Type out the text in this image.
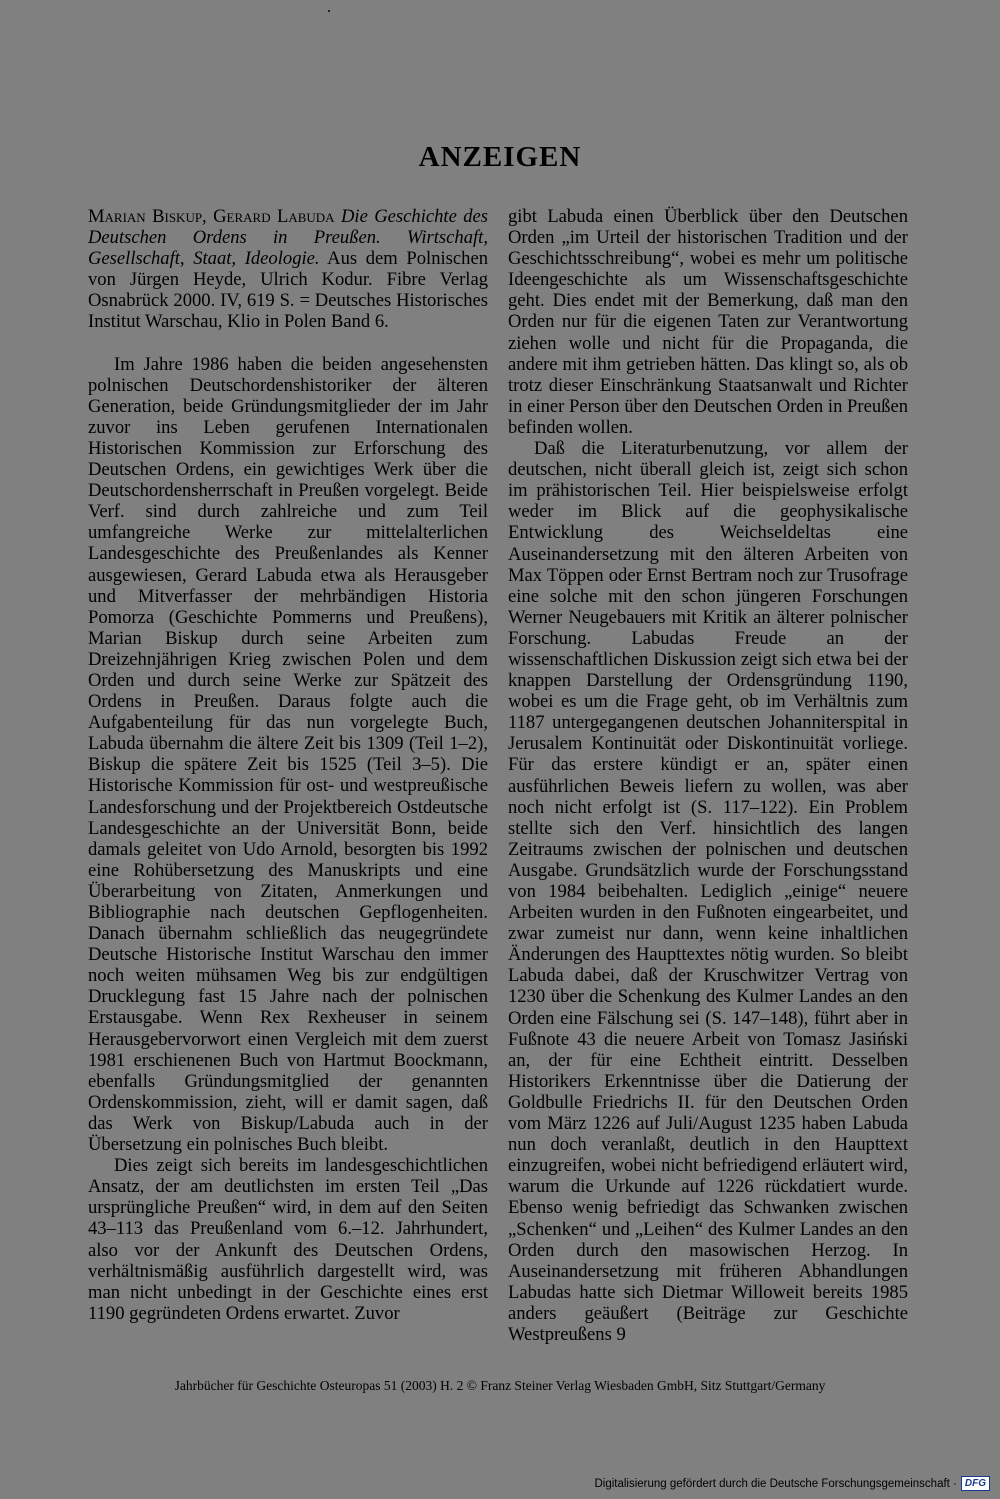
ANZEIGEN

Marian Biskup, Gerard Labuda Die Geschichte des Deutschen Ordens in Preußen. Wirtschaft, Gesellschaft, Staat, Ideologie. Aus dem Polnischen von Jürgen Heyde, Ulrich Kodur. Fibre Verlag Osnabrück 2000. IV, 619 S. = Deutsches Historisches Institut Warschau, Klio in Polen Band 6.

Im Jahre 1986 haben die beiden angesehensten polnischen Deutschordenshistoriker der älteren Generation, beide Gründungsmitglieder der im Jahr zuvor ins Leben gerufenen Internationalen Historischen Kommission zur Erforschung des Deutschen Ordens, ein gewichtiges Werk über die Deutschordensherrschaft in Preußen vorgelegt. Beide Verf. sind durch zahlreiche und zum Teil umfangreiche Werke zur mittelalterlichen Landesgeschichte des Preußenlandes als Kenner ausgewiesen, Gerard Labuda etwa als Herausgeber und Mitverfasser der mehrbändigen Historia Pomorza (Geschichte Pommerns und Preußens), Marian Biskup durch seine Arbeiten zum Dreizehnjährigen Krieg zwischen Polen und dem Orden und durch seine Werke zur Spätzeit des Ordens in Preußen. Daraus folgte auch die Aufgabenteilung für das nun vorgelegte Buch, Labuda übernahm die ältere Zeit bis 1309 (Teil 1–2), Biskup die spätere Zeit bis 1525 (Teil 3–5). Die Historische Kommission für ost- und westpreußische Landesforschung und der Projektbereich Ostdeutsche Landesgeschichte an der Universität Bonn, beide damals geleitet von Udo Arnold, besorgten bis 1992 eine Rohübersetzung des Manuskripts und eine Überarbeitung von Zitaten, Anmerkungen und Bibliographie nach deutschen Gepflogenheiten. Danach übernahm schließlich das neugegründete Deutsche Historische Institut Warschau den immer noch weiten mühsamen Weg bis zur endgültigen Drucklegung fast 15 Jahre nach der polnischen Erstausgabe. Wenn Rex Rexheuser in seinem Herausgebervorwort einen Vergleich mit dem zuerst 1981 erschienenen Buch von Hartmut Boockmann, ebenfalls Gründungsmitglied der genannten Ordenskommission, zieht, will er damit sagen, daß das Werk von Biskup/Labuda auch in der Übersetzung ein polnisches Buch bleibt.

Dies zeigt sich bereits im landesgeschichtlichen Ansatz, der am deutlichsten im ersten Teil „Das ursprüngliche Preußen“ wird, in dem auf den Seiten 43–113 das Preußenland vom 6.–12. Jahrhundert, also vor der Ankunft des Deutschen Ordens, verhältnismäßig ausführlich dargestellt wird, was man nicht unbedingt in der Geschichte eines erst 1190 gegründeten Ordens erwartet. Zuvor

gibt Labuda einen Überblick über den Deutschen Orden „im Urteil der historischen Tradition und der Geschichtsschreibung“, wobei es mehr um politische Ideengeschichte als um Wissenschaftsgeschichte geht. Dies endet mit der Bemerkung, daß man den Orden nur für die eigenen Taten zur Verantwortung ziehen wolle und nicht für die Propaganda, die andere mit ihm getrieben hätten. Das klingt so, als ob trotz dieser Einschränkung Staatsanwalt und Richter in einer Person über den Deutschen Orden in Preußen befinden wollen.

Daß die Literaturbenutzung, vor allem der deutschen, nicht überall gleich ist, zeigt sich schon im prähistorischen Teil. Hier beispielsweise erfolgt weder im Blick auf die geophysikalische Entwicklung des Weichseldeltas eine Auseinandersetzung mit den älteren Arbeiten von Max Töppen oder Ernst Bertram noch zur Trusofrage eine solche mit den schon jüngeren Forschungen Werner Neugebauers mit Kritik an älterer polnischer Forschung. Labudas Freude an der wissenschaftlichen Diskussion zeigt sich etwa bei der knappen Darstellung der Ordensgründung 1190, wobei es um die Frage geht, ob im Verhältnis zum 1187 untergegangenen deutschen Johanniterspital in Jerusalem Kontinuität oder Diskontinuität vorliege. Für das erstere kündigt er an, später einen ausführlichen Beweis liefern zu wollen, was aber noch nicht erfolgt ist (S. 117–122). Ein Problem stellte sich den Verf. hinsichtlich des langen Zeitraums zwischen der polnischen und deutschen Ausgabe. Grundsätzlich wurde der Forschungsstand von 1984 beibehalten. Lediglich „einige“ neuere Arbeiten wurden in den Fußnoten eingearbeitet, und zwar zumeist nur dann, wenn keine inhaltlichen Änderungen des Haupttextes nötig wurden. So bleibt Labuda dabei, daß der Kruschwitzer Vertrag von 1230 über die Schenkung des Kulmer Landes an den Orden eine Fälschung sei (S. 147–148), führt aber in Fußnote 43 die neuere Arbeit von Tomasz Jasiński an, der für eine Echtheit eintritt. Desselben Historikers Erkenntnisse über die Datierung der Goldbulle Friedrichs II. für den Deutschen Orden vom März 1226 auf Juli/August 1235 haben Labuda nun doch veranlaßt, deutlich in den Haupttext einzugreifen, wobei nicht befriedigend erläutert wird, warum die Urkunde auf 1226 rückdatiert wurde. Ebenso wenig befriedigt das Schwanken zwischen „Schenken“ und „Leihen“ des Kulmer Landes an den Orden durch den masowischen Herzog. In Auseinandersetzung mit früheren Abhandlungen Labudas hatte sich Dietmar Willoweit bereits 1985 anders geäußert (Beiträge zur Geschichte Westpreußens 9

Jahrbücher für Geschichte Osteuropas 51 (2003) H. 2 © Franz Steiner Verlag Wiesbaden GmbH, Sitz Stuttgart/Germany
Digitalisierung gefördert durch die Deutsche Forschungsgemeinschaft · DFG
